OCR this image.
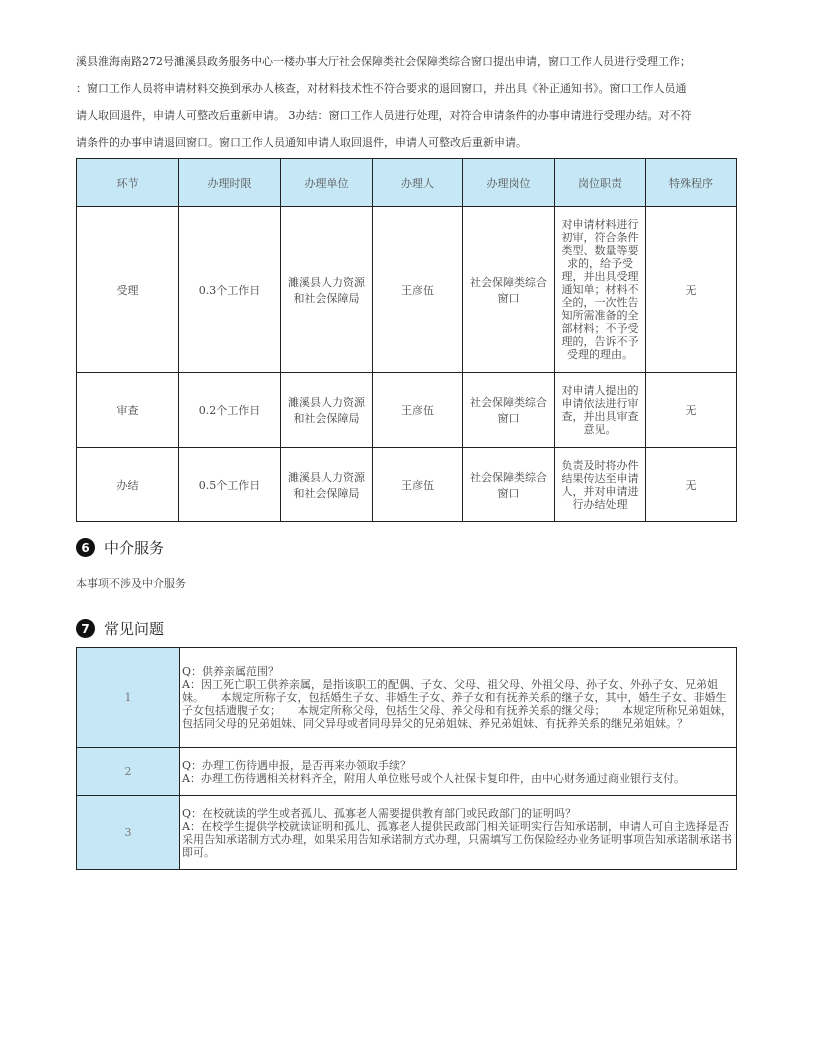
溪县淮海南路272号濉溪县政务服务中心一楼办事大厅社会保障类社会保障类综合窗口提出申请，窗口工作人员进行受理工作；

：窗口工作人员将申请材料交换到承办人核查，对材料技术性不符合要求的退回窗口，并出具《补正通知书》。窗口工作人员通

请人取回退件，申请人可整改后重新申请。 3办结：窗口工作人员进行处理，对符合申请条件的办事申请进行受理办结。对不符

请条件的办事申请退回窗口。窗口工作人员通知申请人取回退件，申请人可整改后重新申请。

环节	办理时限	办理单位	办理人	办理岗位	岗位职责	特殊程序
受理	0.3个工作日	濉溪县人力资源和社会保障局	王彦伍	社会保障类综合窗口	对申请材料进行初审，符合条件类型、数量等要求的，给予受理，并出具受理通知单；材料不全的，一次性告知所需准备的全部材料；不予受理的，告诉不予受理的理由。	无
审查	0.2个工作日	濉溪县人力资源和社会保障局	王彦伍	社会保障类综合窗口	对申请人提出的申请依法进行审查，并出具审查意见。	无
办结	0.5个工作日	濉溪县人力资源和社会保障局	王彦伍	社会保障类综合窗口	负责及时将办件结果传达至申请人，并对申请进行办结处理	无
6 中介服务
本事项不涉及中介服务
7 常见问题
1	Q：供养亲属范围？
A：因工死亡职工供养亲属，是指该职工的配偶、子女、父母、祖父母、外祖父母、孙子女、外孙子女、兄弟姐妹。　　本规定所称子女，包括婚生子女、非婚生子女、养子女和有抚养关系的继子女，其中，婚生子女、非婚生子女包括遗腹子女；　　本规定所称父母，包括生父母、养父母和有抚养关系的继父母；　　本规定所称兄弟姐妹，包括同父母的兄弟姐妹、同父异母或者同母异父的兄弟姐妹、养兄弟姐妹、有抚养关系的继兄弟姐妹。？

2	Q：办理工伤待遇申报，是否再来办领取手续？
A：办理工伤待遇相关材料齐全，附用人单位账号或个人社保卡复印件，由中心财务通过商业银行支付。

3	Q：在校就读的学生或者孤儿、孤寡老人需要提供教育部门或民政部门的证明吗？
A：在校学生提供学校就读证明和孤儿、孤寡老人提供民政部门相关证明实行告知承诺制，申请人可自主选择是否采用告知承诺制方式办理，如果采用告知承诺制方式办理，只需填写工伤保险经办业务证明事项告知承诺制承诺书即可。
